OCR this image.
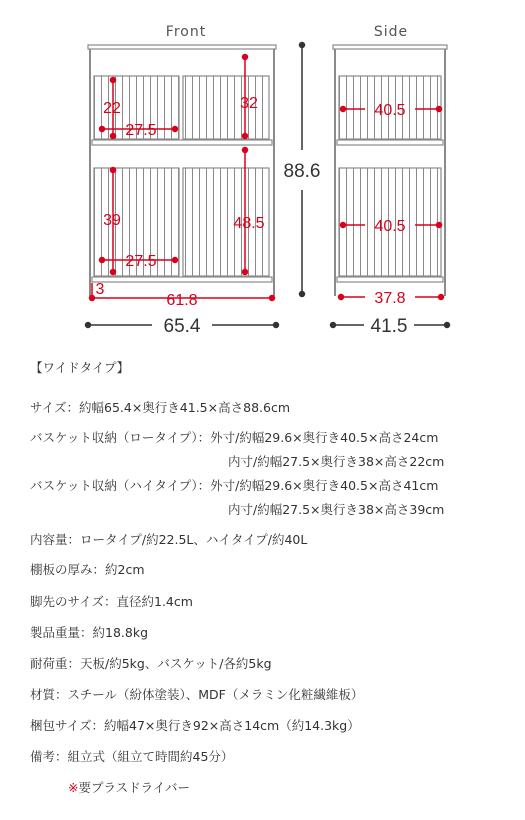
Front	Side
22
27.5
32
39
27.5
48.5
3
61.8
65.4
88.6
40.5
40.5
37.8
41.5
【ワイドタイプ】
サイズ：約幅65.4×奥行き41.5×高さ88.6cm
バスケット収納（ロータイプ）：外寸/約幅29.6×奥行き40.5×高さ24cm
内寸/約幅27.5×奥行き38×高さ22cm
バスケット収納（ハイタイプ）：外寸/約幅29.6×奥行き40.5×高さ41cm
内寸/約幅27.5×奥行き38×高さ39cm
内容量：ロータイプ/約22.5L、ハイタイプ/約40L
棚板の厚み：約2cm
脚先のサイズ：直径約1.4cm
製品重量：約18.8kg
耐荷重：天板/約5kg、バスケット/各約5kg
材質：スチール（紛体塗装）、MDF（メラミン化粧繊維板）
梱包サイズ：約幅47×奥行き92×高さ14cm（約14.3kg）
備考：組立式（組立て時間約45分）
※要プラスドライバー
